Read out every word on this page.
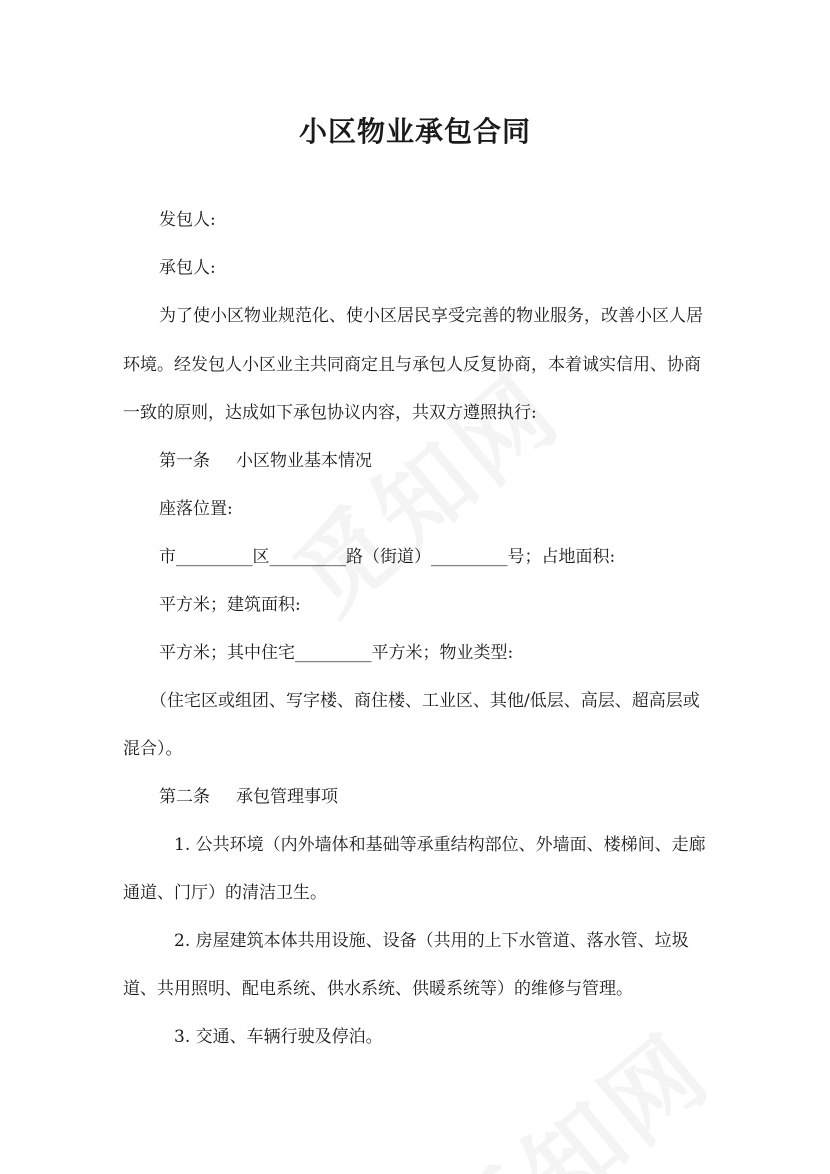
小区物业承包合同

发包人:

承包人:

为了使小区物业规范化、使小区居民享受完善的物业服务，改善小区人居

环境。经发包人小区业主共同商定且与承包人反复协商，本着诚实信用、协商

一致的原则，达成如下承包协议内容，共双方遵照执行:

第一条 小区物业基本情况

座落位置:

市_________区_________路（街道）_________号；占地面积:

平方米；建筑面积:

平方米；其中住宅_________平方米；物业类型:

（住宅区或组团、写字楼、商住楼、工业区、其他/低层、高层、超高层或

混合）。

第二条 承包管理事项

1. 公共环境（内外墙体和基础等承重结构部位、外墙面、楼梯间、走廊

通道、门厅）的清洁卫生。

2. 房屋建筑本体共用设施、设备（共用的上下水管道、落水管、垃圾

道、共用照明、配电系统、供水系统、供暖系统等）的维修与管理。

3. 交通、车辆行驶及停泊。
